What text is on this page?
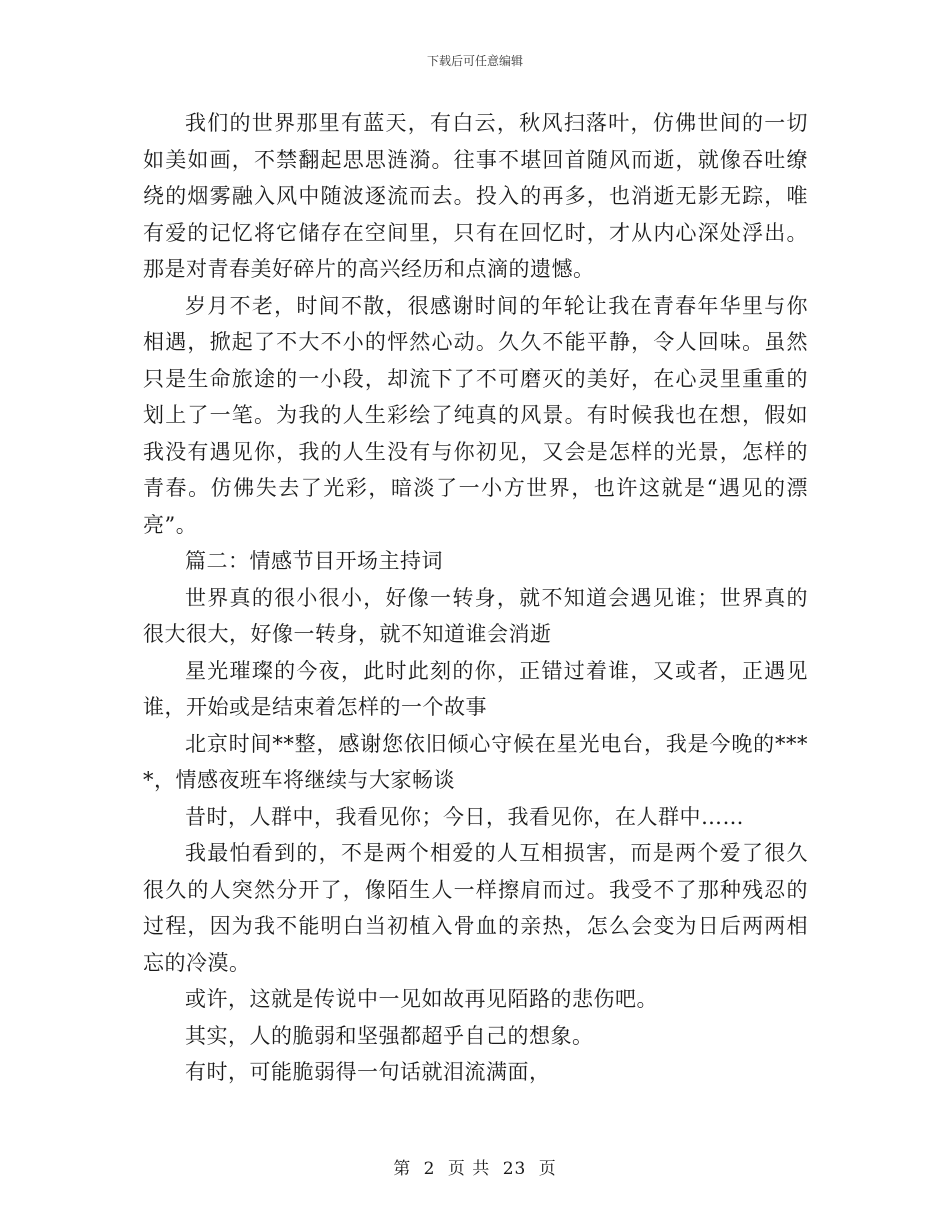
下载后可任意编辑

我们的世界那里有蓝天，有白云，秋风扫落叶，仿佛世间的一切如美如画，不禁翻起思思涟漪。往事不堪回首随风而逝，就像吞吐缭绕的烟雾融入风中随波逐流而去。投入的再多，也消逝无影无踪，唯有爱的记忆将它储存在空间里，只有在回忆时，才从内心深处浮出。那是对青春美好碎片的高兴经历和点滴的遗憾。

岁月不老，时间不散，很感谢时间的年轮让我在青春年华里与你相遇，掀起了不大不小的怦然心动。久久不能平静，令人回味。虽然只是生命旅途的一小段，却流下了不可磨灭的美好，在心灵里重重的划上了一笔。为我的人生彩绘了纯真的风景。有时候我也在想，假如我没有遇见你，我的人生没有与你初见，又会是怎样的光景，怎样的青春。仿佛失去了光彩，暗淡了一小方世界，也许这就是“遇见的漂亮”。

篇二：情感节目开场主持词

世界真的很小很小，好像一转身，就不知道会遇见谁；世界真的很大很大，好像一转身，就不知道谁会消逝

星光璀璨的今夜，此时此刻的你，正错过着谁，又或者，正遇见谁，开始或是结束着怎样的一个故事

北京时间**整，感谢您依旧倾心守候在星光电台，我是今晚的****，情感夜班车将继续与大家畅谈

昔时，人群中，我看见你；今日，我看见你，在人群中……

我最怕看到的，不是两个相爱的人互相损害，而是两个爱了很久很久的人突然分开了，像陌生人一样擦肩而过。我受不了那种残忍的过程，因为我不能明白当初植入骨血的亲热，怎么会变为日后两两相忘的冷漠。

或许，这就是传说中一见如故再见陌路的悲伤吧。

其实，人的脆弱和坚强都超乎自己的想象。

有时，可能脆弱得一句话就泪流满面，

第 2 页 共 23 页
